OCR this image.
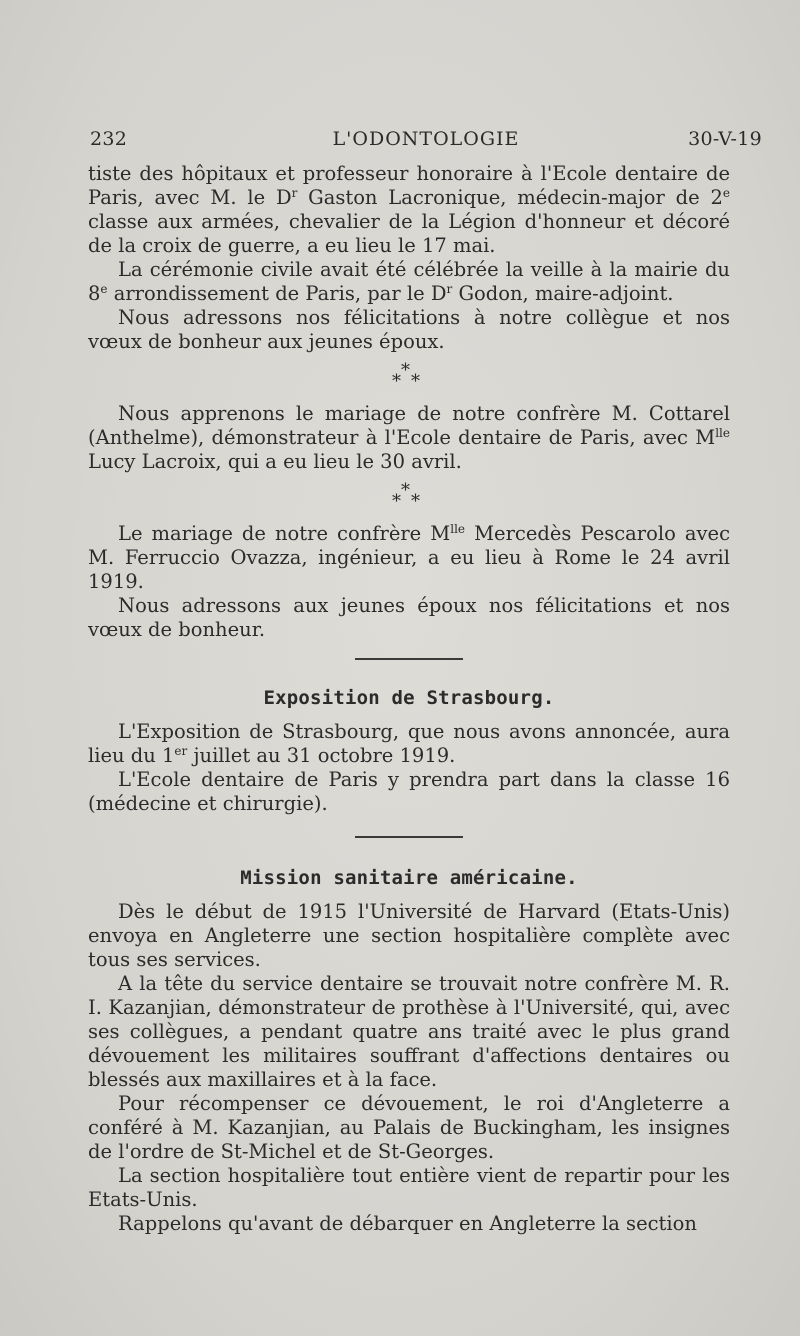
232	L'ODONTOLOGIE	30-V-19

tiste des hôpitaux et professeur honoraire à l'Ecole dentaire de Paris, avec M. le $D^r$ Gaston Lacronique, médecin-major de 2e classe aux armées, chevalier de la Légion d'honneur et décoré de la croix de guerre, a eu lieu le 17 mai.

La cérémonie civile avait été célébrée la veille à la mairie du 8e arrondissement de Paris, par le $D^r$ Godon, maire-adjoint.

Nous adressons nos félicitations à notre collègue et nos vœux de bonheur aux jeunes époux.

*
* *

Nous apprenons le mariage de notre confrère M. Cottarel (Anthelme), démonstrateur à l'Ecole dentaire de Paris, avec $M^{lle}$ Lucy Lacroix, qui a eu lieu le 30 avril.

*
* *

Le mariage de notre confrère $M^{lle}$ Mercedès Pescarolo avec M. Ferruccio Ovazza, ingénieur, a eu lieu à Rome le 24 avril 1919.

Nous adressons aux jeunes époux nos félicitations et nos vœux de bonheur.

Exposition de Strasbourg.

L'Exposition de Strasbourg, que nous avons annoncée, aura lieu du 1er juillet au 31 octobre 1919.

L'Ecole dentaire de Paris y prendra part dans la classe 16 (médecine et chirurgie).

Mission sanitaire américaine.

Dès le début de 1915 l'Université de Harvard (Etats-Unis) envoya en Angleterre une section hospitalière complète avec tous ses services.

A la tête du service dentaire se trouvait notre confrère M. R. I. Kazanjian, démonstrateur de prothèse à l'Université, qui, avec ses collègues, a pendant quatre ans traité avec le plus grand dévouement les militaires souffrant d'affections dentaires ou blessés aux maxillaires et à la face.

Pour récompenser ce dévouement, le roi d'Angleterre a conféré à M. Kazanjian, au Palais de Buckingham, les insignes de l'ordre de St-Michel et de St-Georges.

La section hospitalière tout entière vient de repartir pour les Etats-Unis.

Rappelons qu'avant de débarquer en Angleterre la section
